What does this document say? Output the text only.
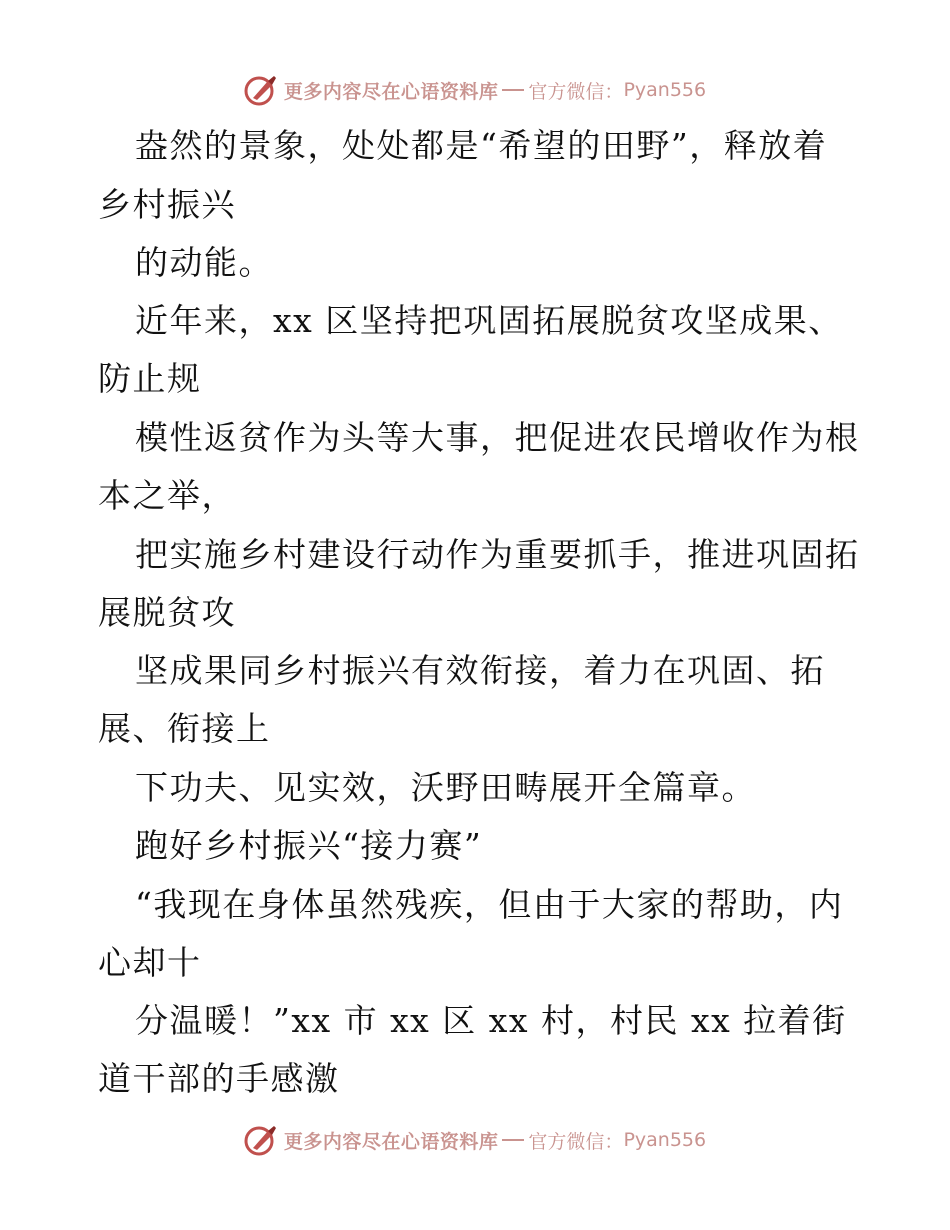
更多内容尽在心语资料库 官方微信： Pyan556
盎然的景象，处处都是“希望的田野”，释放着
乡村振兴
的动能。
近年来，xx 区坚持把巩固拓展脱贫攻坚成果、
防止规
模性返贫作为头等大事，把促进农民增收作为根
本之举，
把实施乡村建设行动作为重要抓手，推进巩固拓
展脱贫攻
坚成果同乡村振兴有效衔接，着力在巩固、拓
展、衔接上
下功夫、见实效，沃野田畴展开全篇章。
跑好乡村振兴“接力赛”
“我现在身体虽然残疾，但由于大家的帮助，内
心却十
分温暖！”xx 市 xx 区 xx 村，村民 xx 拉着街
道干部的手感激
更多内容尽在心语资料库 官方微信： Pyan556
